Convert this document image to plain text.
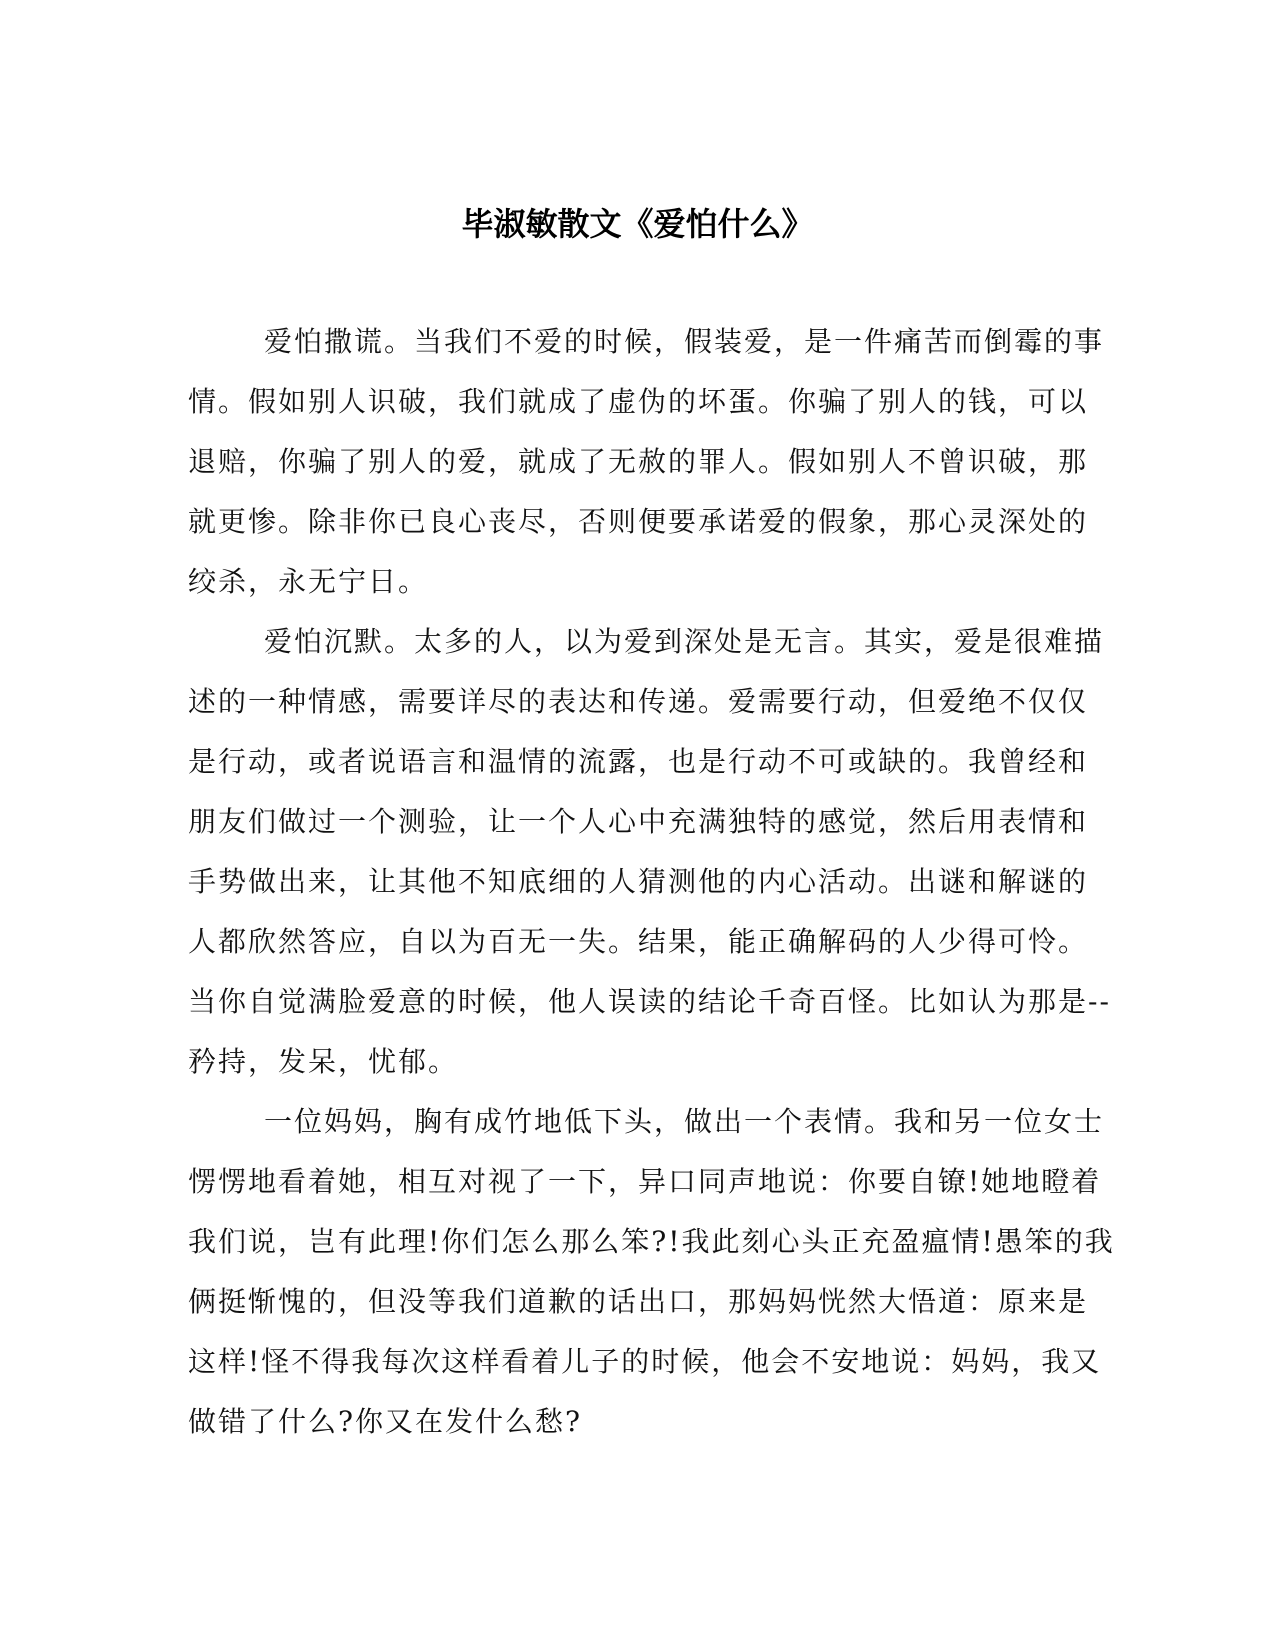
毕淑敏散文《爱怕什么》
爱怕撒谎。当我们不爱的时候，假装爱，是一件痛苦而倒霉的事
情。假如别人识破，我们就成了虚伪的坏蛋。你骗了别人的钱，可以
退赔，你骗了别人的爱，就成了无赦的罪人。假如别人不曾识破，那
就更惨。除非你已良心丧尽，否则便要承诺爱的假象，那心灵深处的
绞杀，永无宁日。
爱怕沉默。太多的人，以为爱到深处是无言。其实，爱是很难描
述的一种情感，需要详尽的表达和传递。爱需要行动，但爱绝不仅仅
是行动，或者说语言和温情的流露，也是行动不可或缺的。我曾经和
朋友们做过一个测验，让一个人心中充满独特的感觉，然后用表情和
手势做出来，让其他不知底细的人猜测他的内心活动。出谜和解谜的
人都欣然答应，自以为百无一失。结果，能正确解码的人少得可怜。
当你自觉满脸爱意的时候，他人误读的结论千奇百怪。比如认为那是--
矜持，发呆，忧郁。
一位妈妈，胸有成竹地低下头，做出一个表情。我和另一位女士
愣愣地看着她，相互对视了一下，异口同声地说：你要自镣!她地瞪着
我们说，岂有此理!你们怎么那么笨?!我此刻心头正充盈瘟情!愚笨的我
俩挺惭愧的，但没等我们道歉的话出口，那妈妈恍然大悟道：原来是
这样!怪不得我每次这样看着儿子的时候，他会不安地说：妈妈，我又
做错了什么?你又在发什么愁?
